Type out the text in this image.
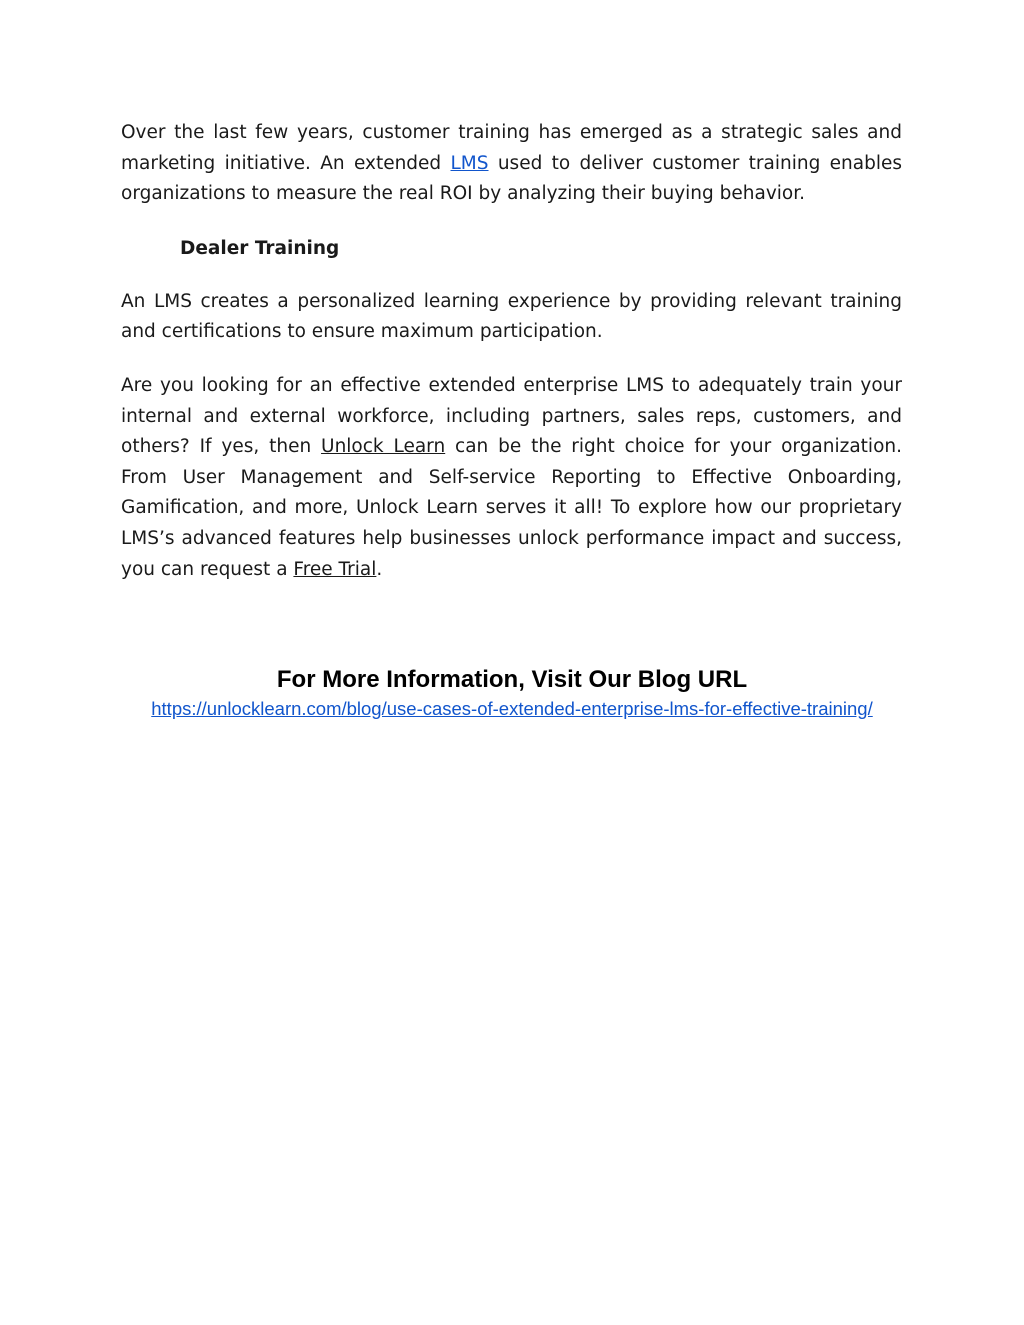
Over the last few years, customer training has emerged as a strategic sales and marketing initiative. An extended LMS used to deliver customer training enables organizations to measure the real ROI by analyzing their buying behavior.

Dealer Training

An LMS creates a personalized learning experience by providing relevant training and certifications to ensure maximum participation.

Are you looking for an effective extended enterprise LMS to adequately train your internal and external workforce, including partners, sales reps, customers, and others? If yes, then Unlock Learn can be the right choice for your organization. From User Management and Self-service Reporting to Effective Onboarding, Gamification, and more, Unlock Learn serves it all! To explore how our proprietary LMS’s advanced features help businesses unlock performance impact and success, you can request a Free Trial.

For More Information, Visit Our Blog URL
https://unlocklearn.com/blog/use-cases-of-extended-enterprise-lms-for-effective-training/
